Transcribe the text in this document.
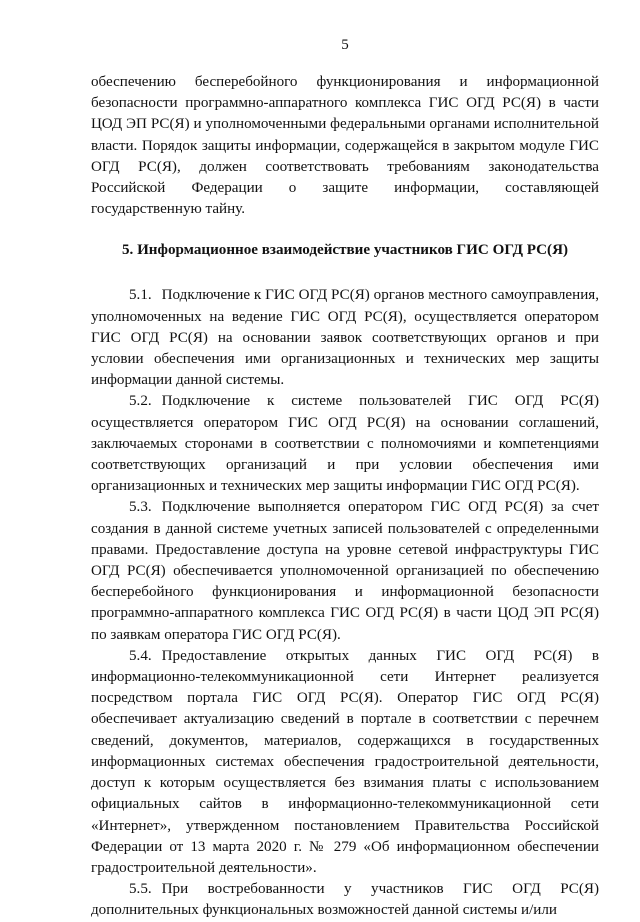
5

обеспечению бесперебойного функционирования и информационной безопасности программно-аппаратного комплекса ГИС ОГД РС(Я) в части ЦОД ЭП РС(Я) и уполномоченными федеральными органами исполнительной власти. Порядок защиты информации, содержащейся в закрытом модуле ГИС ОГД РС(Я), должен соответствовать требованиям законодательства Российской Федерации о защите информации, составляющей государственную тайну.

5. Информационное взаимодействие участников ГИС ОГД РС(Я)

5.1. Подключение к ГИС ОГД РС(Я) органов местного самоуправления, уполномоченных на ведение ГИС ОГД РС(Я), осуществляется оператором ГИС ОГД РС(Я) на основании заявок соответствующих органов и при условии обеспечения ими организационных и технических мер защиты информации данной системы.

5.2. Подключение к системе пользователей ГИС ОГД РС(Я) осуществляется оператором ГИС ОГД РС(Я) на основании соглашений, заключаемых сторонами в соответствии с полномочиями и компетенциями соответствующих организаций и при условии обеспечения ими организационных и технических мер защиты информации ГИС ОГД РС(Я).

5.3. Подключение выполняется оператором ГИС ОГД РС(Я) за счет создания в данной системе учетных записей пользователей с определенными правами. Предоставление доступа на уровне сетевой инфраструктуры ГИС ОГД РС(Я) обеспечивается уполномоченной организацией по обеспечению бесперебойного функционирования и информационной безопасности программно-аппаратного комплекса ГИС ОГД РС(Я) в части ЦОД ЭП РС(Я) по заявкам оператора ГИС ОГД РС(Я).

5.4. Предоставление открытых данных ГИС ОГД РС(Я) в информационно-телекоммуникационной сети Интернет реализуется посредством портала ГИС ОГД РС(Я). Оператор ГИС ОГД РС(Я) обеспечивает актуализацию сведений в портале в соответствии с перечнем сведений, документов, материалов, содержащихся в государственных информационных системах обеспечения градостроительной деятельности, доступ к которым осуществляется без взимания платы с использованием официальных сайтов в информационно-телекоммуникационной сети «Интернет», утвержденном постановлением Правительства Российской Федерации от 13 марта 2020 г. № 279 «Об информационном обеспечении градостроительной деятельности».

5.5. При востребованности у участников ГИС ОГД РС(Я) дополнительных функциональных возможностей данной системы и/или
